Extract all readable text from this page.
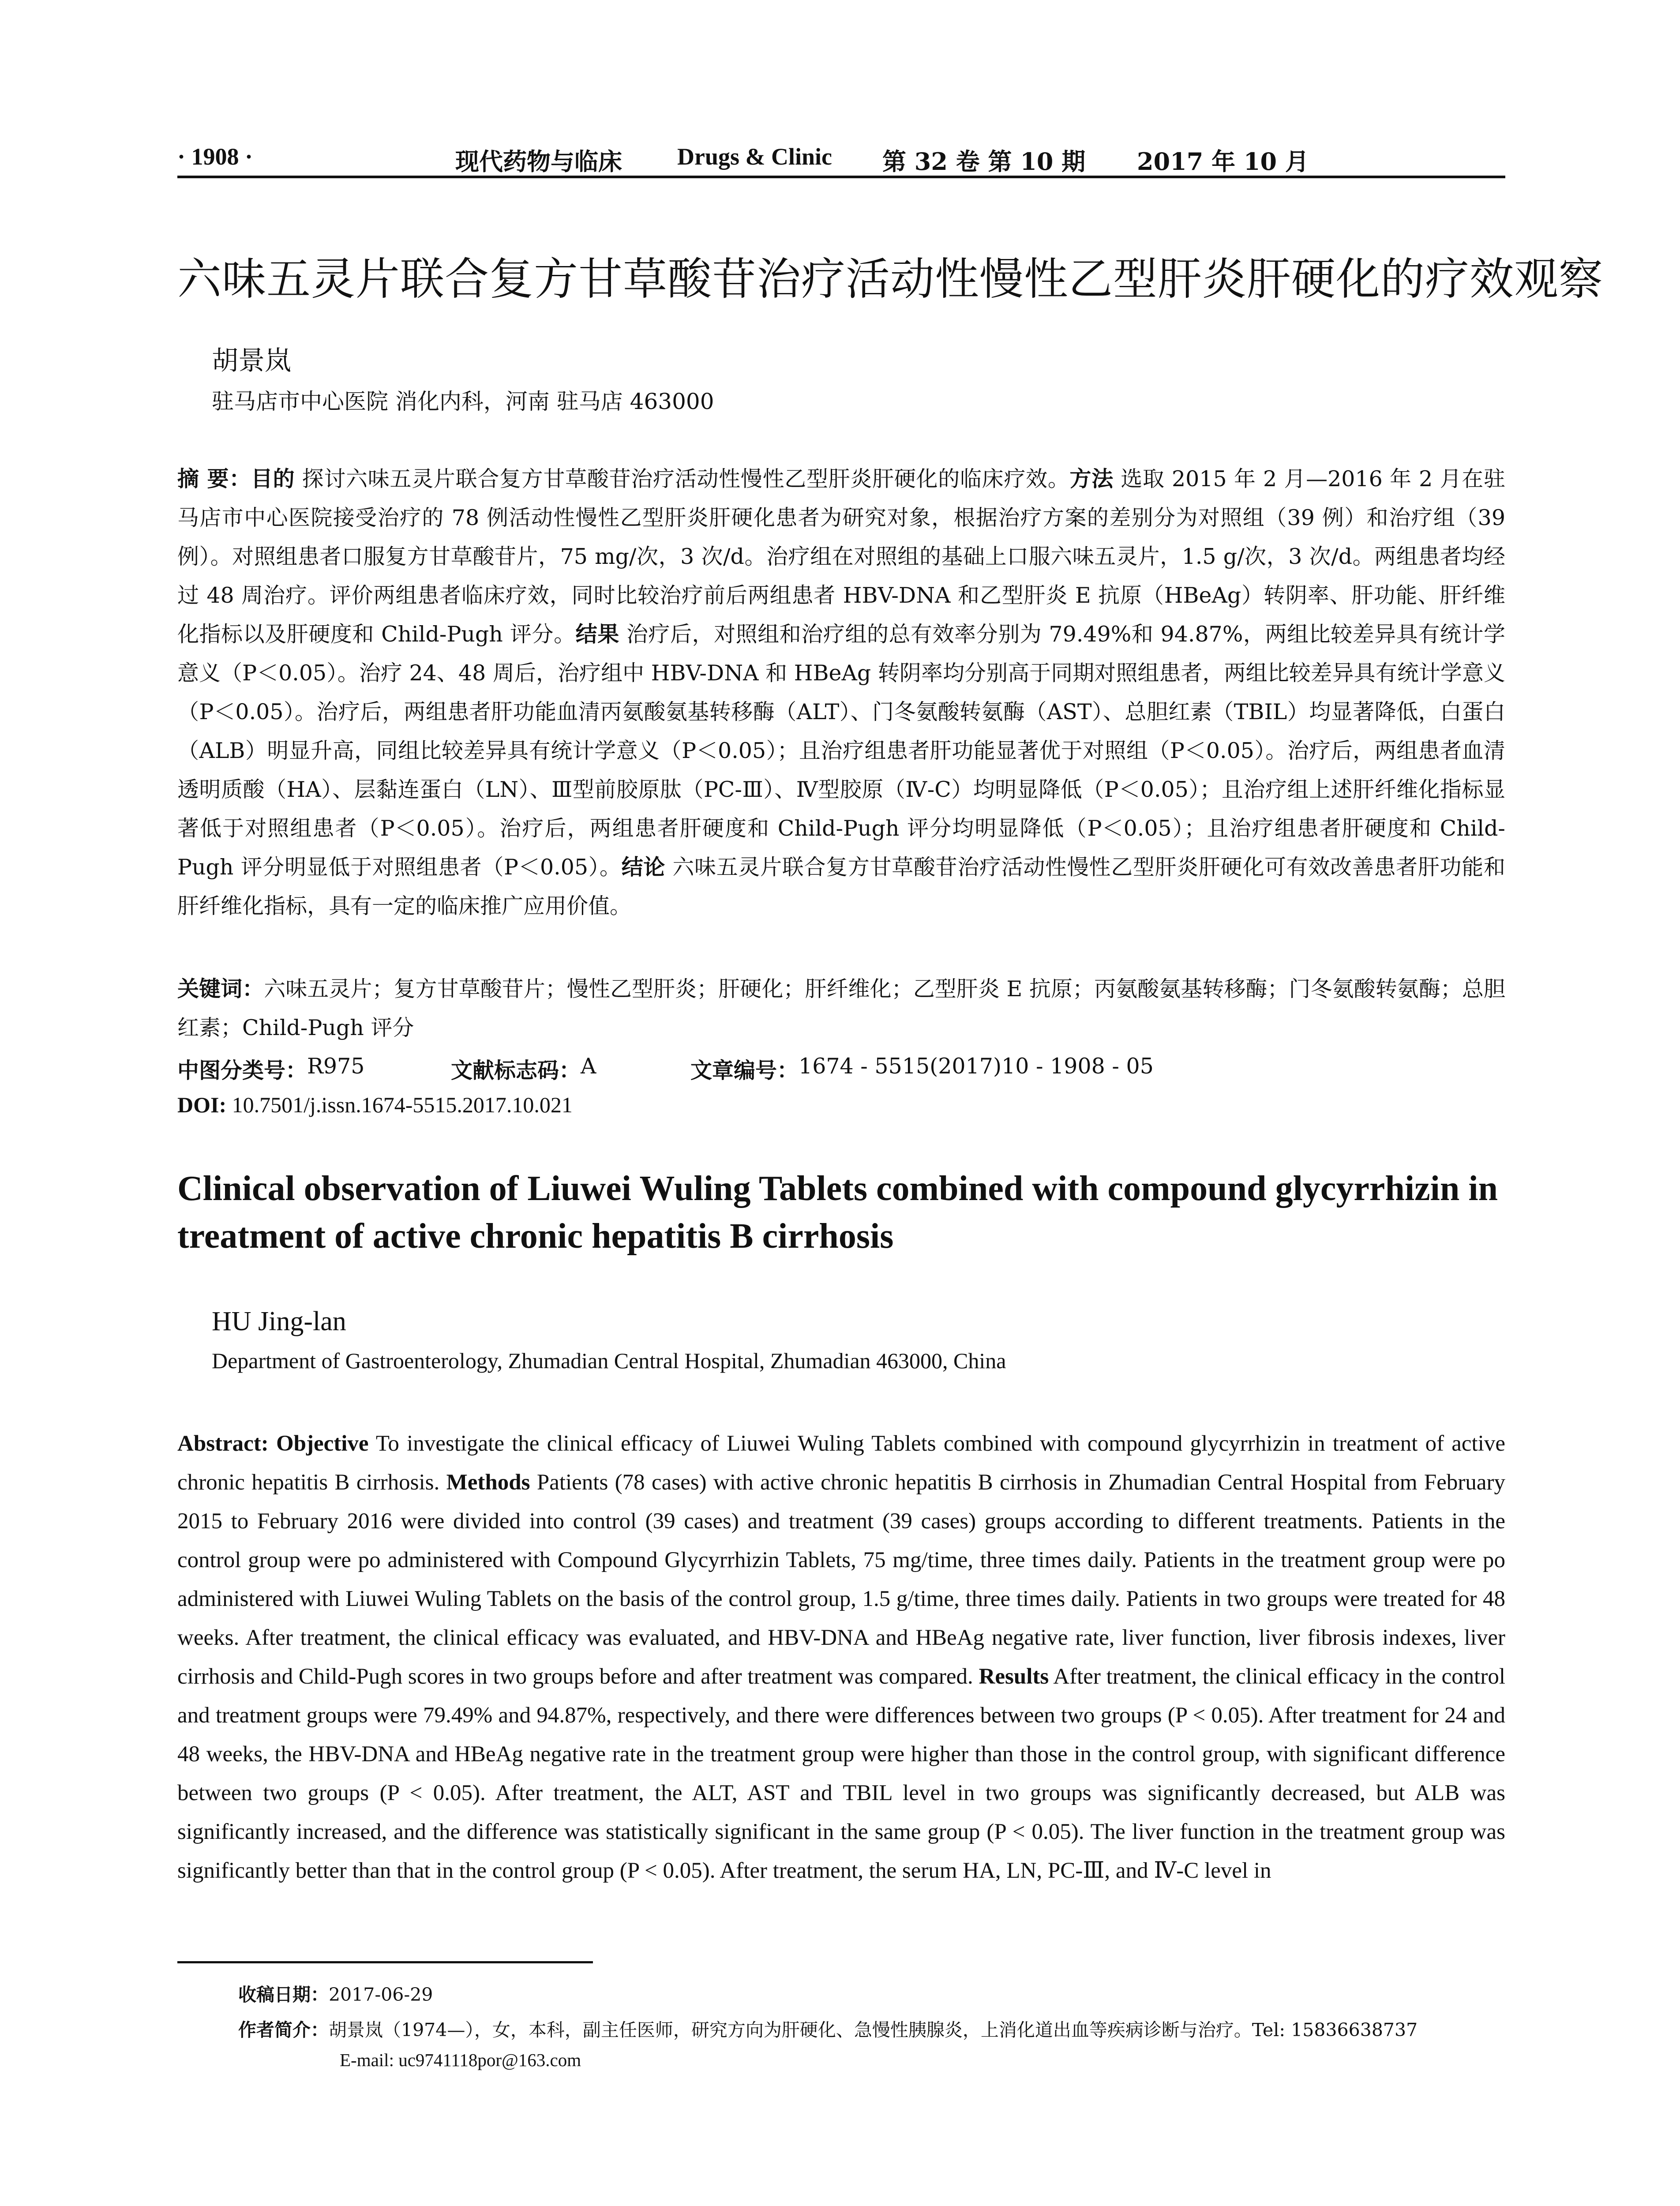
· 1908 ·	现代药物与临床 Drugs & Clinic 第 32 卷 第 10 期 2017 年 10 月
六味五灵片联合复方甘草酸苷治疗活动性慢性乙型肝炎肝硬化的疗效观察
胡景岚
驻马店市中心医院 消化内科，河南 驻马店 463000
摘 要：目的 探讨六味五灵片联合复方甘草酸苷治疗活动性慢性乙型肝炎肝硬化的临床疗效。方法 选取 2015 年 2 月—2016 年 2 月在驻马店市中心医院接受治疗的 78 例活动性慢性乙型肝炎肝硬化患者为研究对象，根据治疗方案的差别分为对照组（39 例）和治疗组（39 例）。对照组患者口服复方甘草酸苷片，75 mg/次，3 次/d。治疗组在对照组的基础上口服六味五灵片，1.5 g/次，3 次/d。两组患者均经过 48 周治疗。评价两组患者临床疗效，同时比较治疗前后两组患者 HBV-DNA 和乙型肝炎 E 抗原（HBeAg）转阴率、肝功能、肝纤维化指标以及肝硬度和 Child-Pugh 评分。结果 治疗后，对照组和治疗组的总有效率分别为 79.49%和 94.87%，两组比较差异具有统计学意义（P＜0.05）。治疗 24、48 周后，治疗组中 HBV-DNA 和 HBeAg 转阴率均分别高于同期对照组患者，两组比较差异具有统计学意义（P＜0.05）。治疗后，两组患者肝功能血清丙氨酸氨基转移酶（ALT）、门冬氨酸转氨酶（AST）、总胆红素（TBIL）均显著降低，白蛋白（ALB）明显升高，同组比较差异具有统计学意义（P＜0.05）；且治疗组患者肝功能显著优于对照组（P＜0.05）。治疗后，两组患者血清透明质酸（HA）、层黏连蛋白（LN）、Ⅲ型前胶原肽（PC-Ⅲ）、Ⅳ型胶原（Ⅳ-C）均明显降低（P＜0.05）；且治疗组上述肝纤维化指标显著低于对照组患者（P＜0.05）。治疗后，两组患者肝硬度和 Child-Pugh 评分均明显降低（P＜0.05）；且治疗组患者肝硬度和 Child-Pugh 评分明显低于对照组患者（P＜0.05）。结论 六味五灵片联合复方甘草酸苷治疗活动性慢性乙型肝炎肝硬化可有效改善患者肝功能和肝纤维化指标，具有一定的临床推广应用价值。
关键词：六味五灵片；复方甘草酸苷片；慢性乙型肝炎；肝硬化；肝纤维化；乙型肝炎 E 抗原；丙氨酸氨基转移酶；门冬氨酸转氨酶；总胆红素；Child-Pugh 评分
中图分类号： R975	文献标志码： A	文章编号： 1674 - 5515(2017)10 - 1908 - 05
DOI: 10.7501/j.issn.1674-5515.2017.10.021
Clinical observation of Liuwei Wuling Tablets combined with compound glycyrrhizin in treatment of active chronic hepatitis B cirrhosis
HU Jing-lan
Department of Gastroenterology, Zhumadian Central Hospital, Zhumadian 463000, China
Abstract: Objective To investigate the clinical efficacy of Liuwei Wuling Tablets combined with compound glycyrrhizin in treatment of active chronic hepatitis B cirrhosis. Methods Patients (78 cases) with active chronic hepatitis B cirrhosis in Zhumadian Central Hospital from February 2015 to February 2016 were divided into control (39 cases) and treatment (39 cases) groups according to different treatments. Patients in the control group were po administered with Compound Glycyrrhizin Tablets, 75 mg/time, three times daily. Patients in the treatment group were po administered with Liuwei Wuling Tablets on the basis of the control group, 1.5 g/time, three times daily. Patients in two groups were treated for 48 weeks. After treatment, the clinical efficacy was evaluated, and HBV-DNA and HBeAg negative rate, liver function, liver fibrosis indexes, liver cirrhosis and Child-Pugh scores in two groups before and after treatment was compared. Results After treatment, the clinical efficacy in the control and treatment groups were 79.49% and 94.87%, respectively, and there were differences between two groups (P < 0.05). After treatment for 24 and 48 weeks, the HBV-DNA and HBeAg negative rate in the treatment group were higher than those in the control group, with significant difference between two groups (P < 0.05). After treatment, the ALT, AST and TBIL level in two groups was significantly decreased, but ALB was significantly increased, and the difference was statistically significant in the same group (P < 0.05). The liver function in the treatment group was significantly better than that in the control group (P < 0.05). After treatment, the serum HA, LN, PC-Ⅲ, and Ⅳ-C level in
收稿日期：2017-06-29
作者简介：胡景岚（1974—），女，本科，副主任医师，研究方向为肝硬化、急慢性胰腺炎，上消化道出血等疾病诊断与治疗。Tel: 15836638737
E-mail: uc9741118por@163.com
